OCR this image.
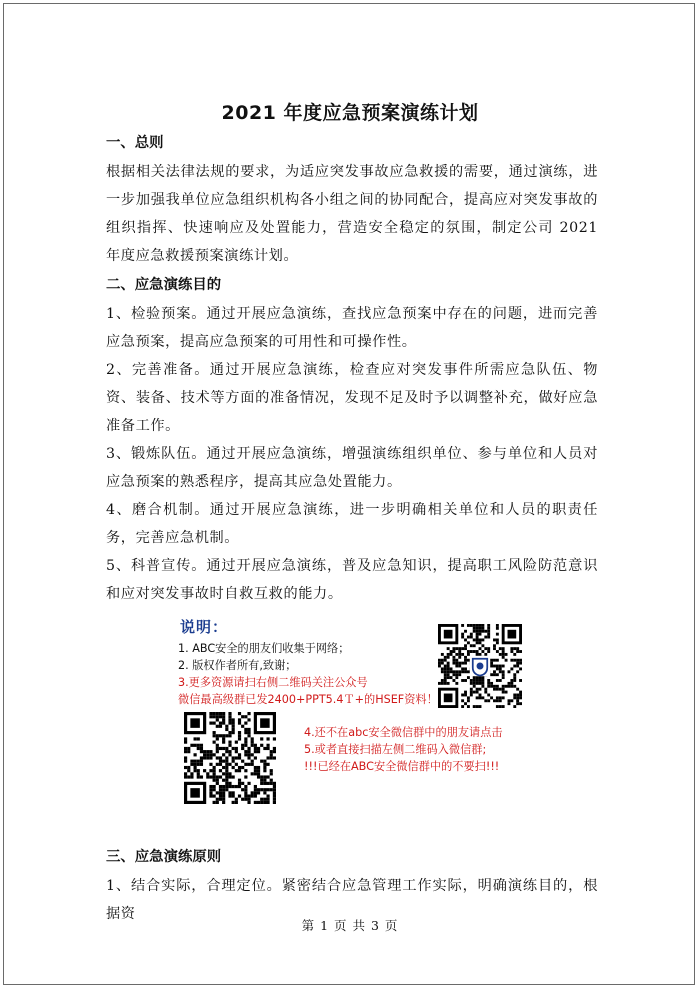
2021 年度应急预案演练计划
一、总则

根据相关法律法规的要求，为适应突发事故应急救援的需要，通过演练，进一步加强我单位应急组织机构各小组之间的协同配合，提高应对突发事故的组织指挥、快速响应及处置能力，营造安全稳定的氛围，制定公司 2021 年度应急救援预案演练计划。

二、应急演练目的

1、检验预案。通过开展应急演练，查找应急预案中存在的问题，进而完善应急预案，提高应急预案的可用性和可操作性。

2、完善准备。通过开展应急演练，检查应对突发事件所需应急队伍、物资、装备、技术等方面的准备情况，发现不足及时予以调整补充，做好应急准备工作。

3、锻炼队伍。通过开展应急演练，增强演练组织单位、参与单位和人员对应急预案的熟悉程序，提高其应急处置能力。

4、磨合机制。通过开展应急演练，进一步明确相关单位和人员的职责任务，完善应急机制。

5、科普宣传。通过开展应急演练，普及应急知识，提高职工风险防范意识和应对突发事故时自救互救的能力。

说明：
1. ABC安全的朋友们收集于网络；
2. 版权作者所有,致谢；
3.更多资源请扫右侧二维码关注公众号
微信最高级群已发2400+PPT5.4Ｔ+的HSEF资料！
4.还不在abc安全微信群中的朋友请点击
5.或者直接扫描左侧二维码入微信群;
!!!已经在ABC安全微信群中的不要扫!!!
三、应急演练原则

1、结合实际，合理定位。紧密结合应急管理工作实际，明确演练目的，根据资

第 1 页 共 3 页
